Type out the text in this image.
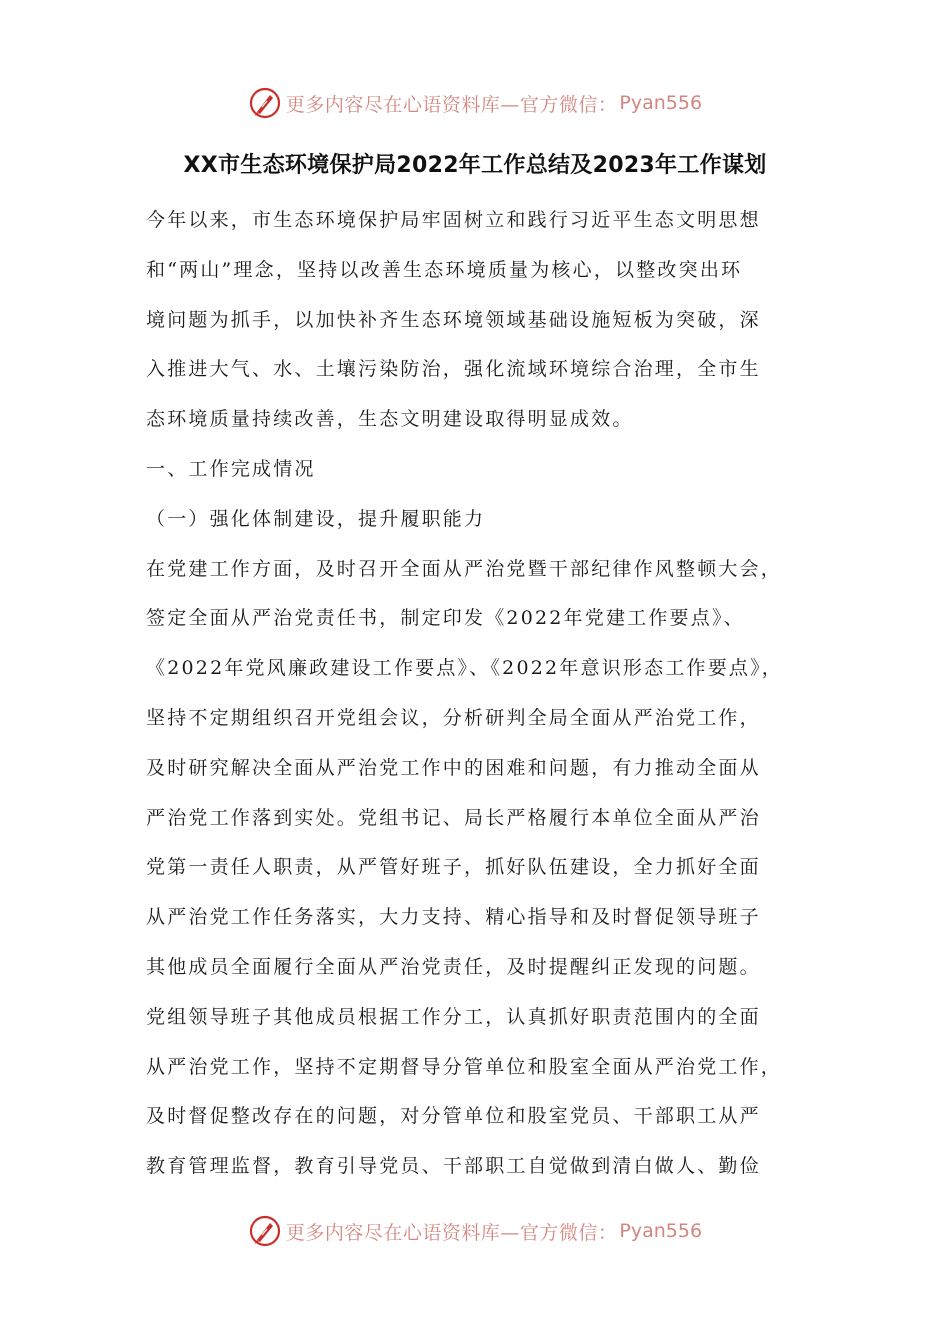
更多内容尽在心语资料库—官方微信： Pyan556
XX市生态环境保护局2022年工作总结及2023年工作谋划
今年以来，市生态环境保护局牢固树立和践行习近平生态文明思想
和“两山”理念，坚持以改善生态环境质量为核心，以整改突出环
境问题为抓手，以加快补齐生态环境领域基础设施短板为突破，深
入推进大气、水、土壤污染防治，强化流域环境综合治理，全市生
态环境质量持续改善，生态文明建设取得明显成效。
一、工作完成情况
（一）强化体制建设，提升履职能力
在党建工作方面，及时召开全面从严治党暨干部纪律作风整顿大会，
签定全面从严治党责任书，制定印发《2022年党建工作要点》、
《2022年党风廉政建设工作要点》、《2022年意识形态工作要点》，
坚持不定期组织召开党组会议，分析研判全局全面从严治党工作，
及时研究解决全面从严治党工作中的困难和问题，有力推动全面从
严治党工作落到实处。党组书记、局长严格履行本单位全面从严治
党第一责任人职责，从严管好班子，抓好队伍建设，全力抓好全面
从严治党工作任务落实，大力支持、精心指导和及时督促领导班子
其他成员全面履行全面从严治党责任，及时提醒纠正发现的问题。
党组领导班子其他成员根据工作分工，认真抓好职责范围内的全面
从严治党工作，坚持不定期督导分管单位和股室全面从严治党工作，
及时督促整改存在的问题，对分管单位和股室党员、干部职工从严
教育管理监督，教育引导党员、干部职工自觉做到清白做人、勤俭
更多内容尽在心语资料库—官方微信： Pyan556
